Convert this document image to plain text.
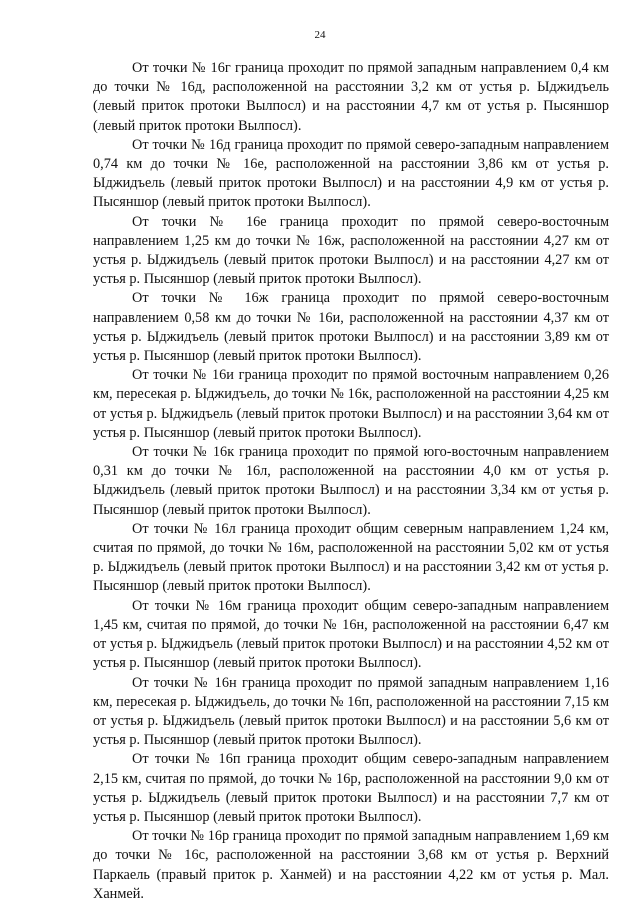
24

От точки № 16г граница проходит по прямой западным направлением 0,4 км до точки № 16д, расположенной на расстоянии 3,2 км от устья р. Ыджидъель (левый приток протоки Вылпосл) и на расстоянии 4,7 км от устья р. Пысяншор (левый приток протоки Вылпосл).

От точки № 16д граница проходит по прямой северо-западным направлением 0,74 км до точки № 16е, расположенной на расстоянии 3,86 км от устья р. Ыджидъель (левый приток протоки Вылпосл) и на расстоянии 4,9 км от устья р. Пысяншор (левый приток протоки Вылпосл).

От точки № 16е граница проходит по прямой северо-восточным направлением 1,25 км до точки № 16ж, расположенной на расстоянии 4,27 км от устья р. Ыджидъель (левый приток протоки Вылпосл) и на расстоянии 4,27 км от устья р. Пысяншор (левый приток протоки Вылпосл).

От точки № 16ж граница проходит по прямой северо-восточным направлением 0,58 км до точки № 16и, расположенной на расстоянии 4,37 км от устья р. Ыджидъель (левый приток протоки Вылпосл) и на расстоянии 3,89 км от устья р. Пысяншор (левый приток протоки Вылпосл).

От точки № 16и граница проходит по прямой восточным направлением 0,26 км, пересекая р. Ыджидъель, до точки № 16к, расположенной на расстоянии 4,25 км от устья р. Ыджидъель (левый приток протоки Вылпосл) и на расстоянии 3,64 км от устья р. Пысяншор (левый приток протоки Вылпосл).

От точки № 16к граница проходит по прямой юго-восточным направлением 0,31 км до точки № 16л, расположенной на расстоянии 4,0 км от устья р. Ыджидъель (левый приток протоки Вылпосл) и на расстоянии 3,34 км от устья р. Пысяншор (левый приток протоки Вылпосл).

От точки № 16л граница проходит общим северным направлением 1,24 км, считая по прямой, до точки № 16м, расположенной на расстоянии 5,02 км от устья р. Ыджидъель (левый приток протоки Вылпосл) и на расстоянии 3,42 км от устья р. Пысяншор (левый приток протоки Вылпосл).

От точки № 16м граница проходит общим северо-западным направлением 1,45 км, считая по прямой, до точки № 16н, расположенной на расстоянии 6,47 км от устья р. Ыджидъель (левый приток протоки Вылпосл) и на расстоянии 4,52 км от устья р. Пысяншор (левый приток протоки Вылпосл).

От точки № 16н граница проходит по прямой западным направлением 1,16 км, пересекая р. Ыджидъель, до точки № 16п, расположенной на расстоянии 7,15 км от устья р. Ыджидъель (левый приток протоки Вылпосл) и на расстоянии 5,6 км от устья р. Пысяншор (левый приток протоки Вылпосл).

От точки № 16п граница проходит общим северо-западным направлением 2,15 км, считая по прямой, до точки № 16р, расположенной на расстоянии 9,0 км от устья р. Ыджидъель (левый приток протоки Вылпосл) и на расстоянии 7,7 км от устья р. Пысяншор (левый приток протоки Вылпосл).

От точки № 16р граница проходит по прямой западным направлением 1,69 км до точки № 16с, расположенной на расстоянии 3,68 км от устья р. Верхний Паркаель (правый приток р. Ханмей) и на расстоянии 4,22 км от устья р. Мал. Ханмей.
